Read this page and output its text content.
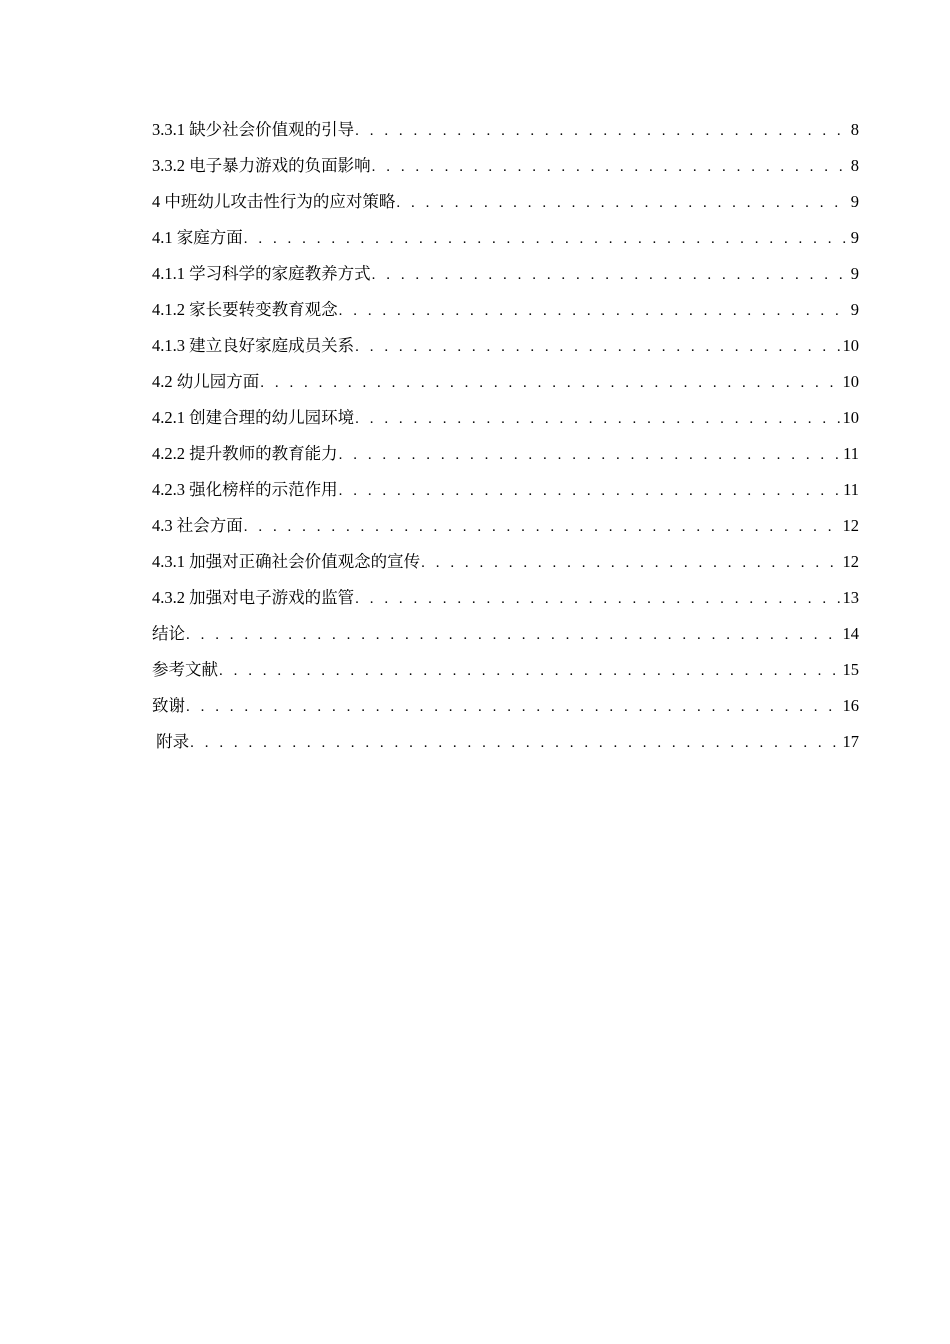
3.3.1 缺少社会价值观的引导 . . .	8
3.3.2 电子暴力游戏的负面影响 . . .	8
4 中班幼儿攻击性行为的应对策略 . . .	9
4.1 家庭方面 . . .	9
4.1.1 学习科学的家庭教养方式 . . .	9
4.1.2 家长要转变教育观念 . . .	9
4.1.3 建立良好家庭成员关系 . . .	10
4.2 幼儿园方面 . . .	10
4.2.1 创建合理的幼儿园环境 . . .	10
4.2.2 提升教师的教育能力 . . .	11
4.2.3 强化榜样的示范作用 . . .	11
4.3 社会方面 . . .	12
4.3.1 加强对正确社会价值观念的宣传 . . .	12
4.3.2 加强对电子游戏的监管 . . .	13
结论 . . .	14
参考文献 . . .	15
致谢 . . .	16
附录 . . .	17
